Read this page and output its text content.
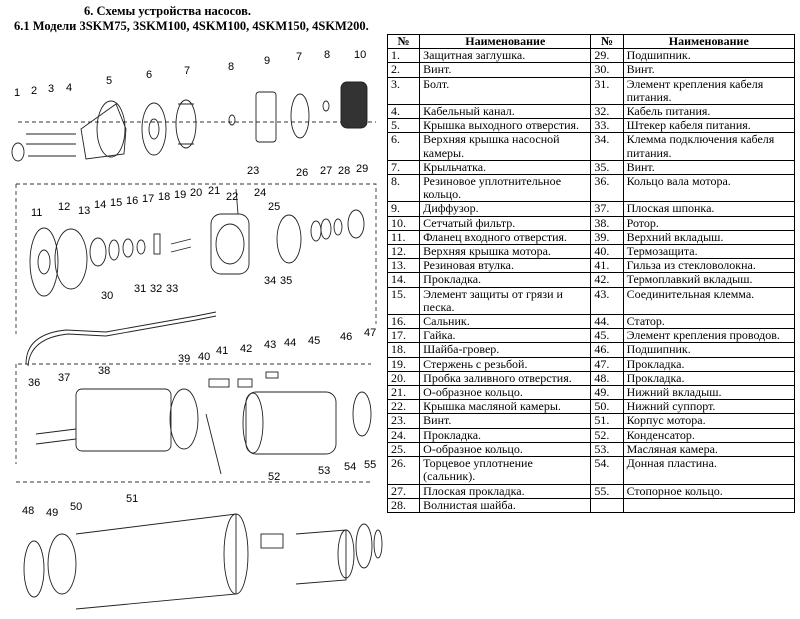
6. Схемы устройства насосов.
6.1 Модели 3SKM75, 3SKM100, 4SKM100, 4SKM150, 4SKM200.
1 2 3 4
5	6	7	8	9 7 8 10
23
24
25
26 27 28 29
11 12 13 14 15 16 17 18 19 20 21 22
34 35
30
31 32 33
36 37
38
39 40 41 42 43 44 45 46 47
48 49 50
51
52	53 54 55
№	Наименование	№	Наименование
1.	Защитная заглушка.	29.	Подшипник.
2.	Винт.	30.	Винт.
3.	Болт.	31.	Элемент крепления кабеля питания.
4.	Кабельный канал.	32.	Кабель питания.
5.	Крышка выходного отверстия.	33.	Штекер кабеля питания.
6.	Верхняя крышка насосной камеры.	34.	Клемма подключения кабеля питания.
7.	Крыльчатка.	35.	Винт.
8.	Резиновое уплотнительное кольцо.	36.	Кольцо вала мотора.
9.	Диффузор.	37.	Плоская шпонка.
10.	Сетчатый фильтр.	38.	Ротор.
11.	Фланец входного отверстия.	39.	Верхний вкладыш.
12.	Верхняя крышка мотора.	40.	Термозащита.
13.	Резиновая втулка.	41.	Гильза из стекловолокна.
14.	Прокладка.	42.	Термоплавкий вкладыш.
15.	Элемент защиты от грязи и песка.	43.	Соединительная клемма.
16.	Сальник.	44.	Статор.
17.	Гайка.	45.	Элемент крепления проводов.
18.	Шайба-гровер.	46.	Подшипник.
19.	Стержень с резьбой.	47.	Прокладка.
20.	Пробка заливного отверстия.	48.	Прокладка.
21.	О-образное кольцо.	49.	Нижний вкладыш.
22.	Крышка масляной камеры.	50.	Нижний суппорт.
23.	Винт.	51.	Корпус мотора.
24.	Прокладка.	52.	Конденсатор.
25.	О-образное кольцо.	53.	Масляная камера.
26.	Торцевое уплотнение (сальник).	54.	Донная пластина.
27.	Плоская прокладка.	55.	Стопорное кольцо.
28.	Волнистая шайба.		
